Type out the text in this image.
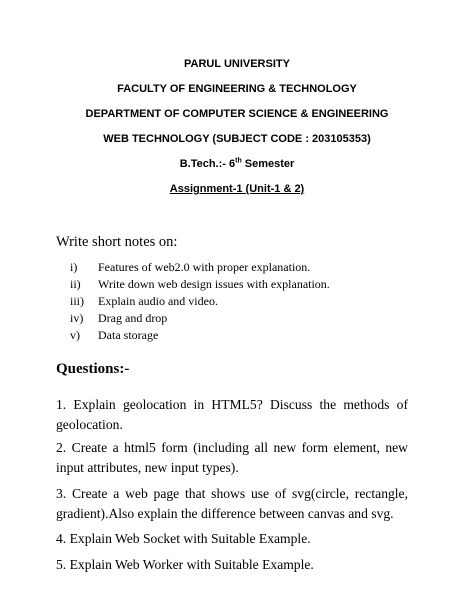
PARUL UNIVERSITY
FACULTY OF ENGINEERING & TECHNOLOGY
DEPARTMENT OF COMPUTER SCIENCE & ENGINEERING
WEB TECHNOLOGY (SUBJECT CODE : 203105353)
B.Tech.:- 6th Semester
Assignment-1 (Unit-1 & 2)
Write short notes on:
i) Features of web2.0 with proper explanation.
ii) Write down web design issues with explanation.
iii) Explain audio and video.
iv) Drag and drop
v) Data storage
Questions:-
1. Explain geolocation in HTML5? Discuss the methods of geolocation.
2. Create a html5 form (including all new form element, new input attributes, new input types).
3. Create a web page that shows use of svg(circle, rectangle, gradient).Also explain the difference between canvas and svg.
4. Explain Web Socket with Suitable Example.
5. Explain Web Worker with Suitable Example.
